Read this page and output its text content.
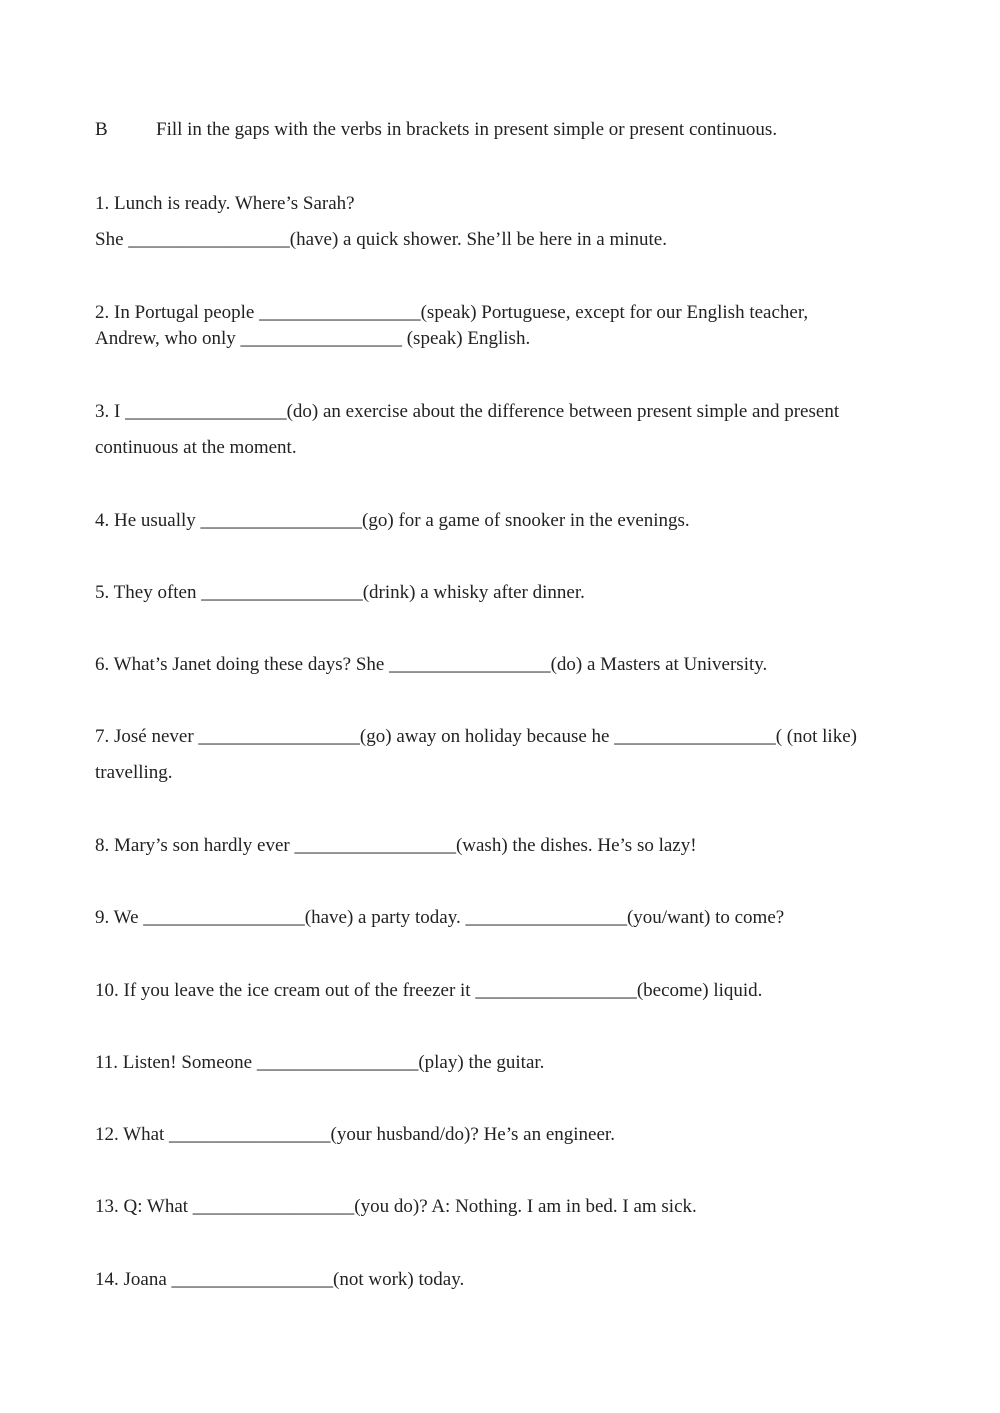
B	Fill in the gaps with the verbs in brackets in present simple or present continuous.
1. Lunch is ready. Where’s Sarah?
She _________________(have) a quick shower. She’ll be here in a minute.
2. In Portugal people _________________(speak) Portuguese, except for our English teacher,
Andrew, who only _________________ (speak) English.
3. I _________________(do) an exercise about the difference between present simple and present
continuous at the moment.
4. He usually _________________(go) for a game of snooker in the evenings.
5. They often _________________(drink) a whisky after dinner.
6. What’s Janet doing these days? She _________________(do) a Masters at University.
7. José never _________________(go) away on holiday because he _________________( (not like)
travelling.
8. Mary’s son hardly ever _________________(wash) the dishes. He’s so lazy!
9. We _________________(have) a party today. _________________(you/want) to come?
10. If you leave the ice cream out of the freezer it _________________(become) liquid.
11. Listen! Someone _________________(play) the guitar.
12. What _________________(your husband/do)? He’s an engineer.
13. Q: What _________________(you do)? A: Nothing. I am in bed. I am sick.
14. Joana _________________(not work) today.
